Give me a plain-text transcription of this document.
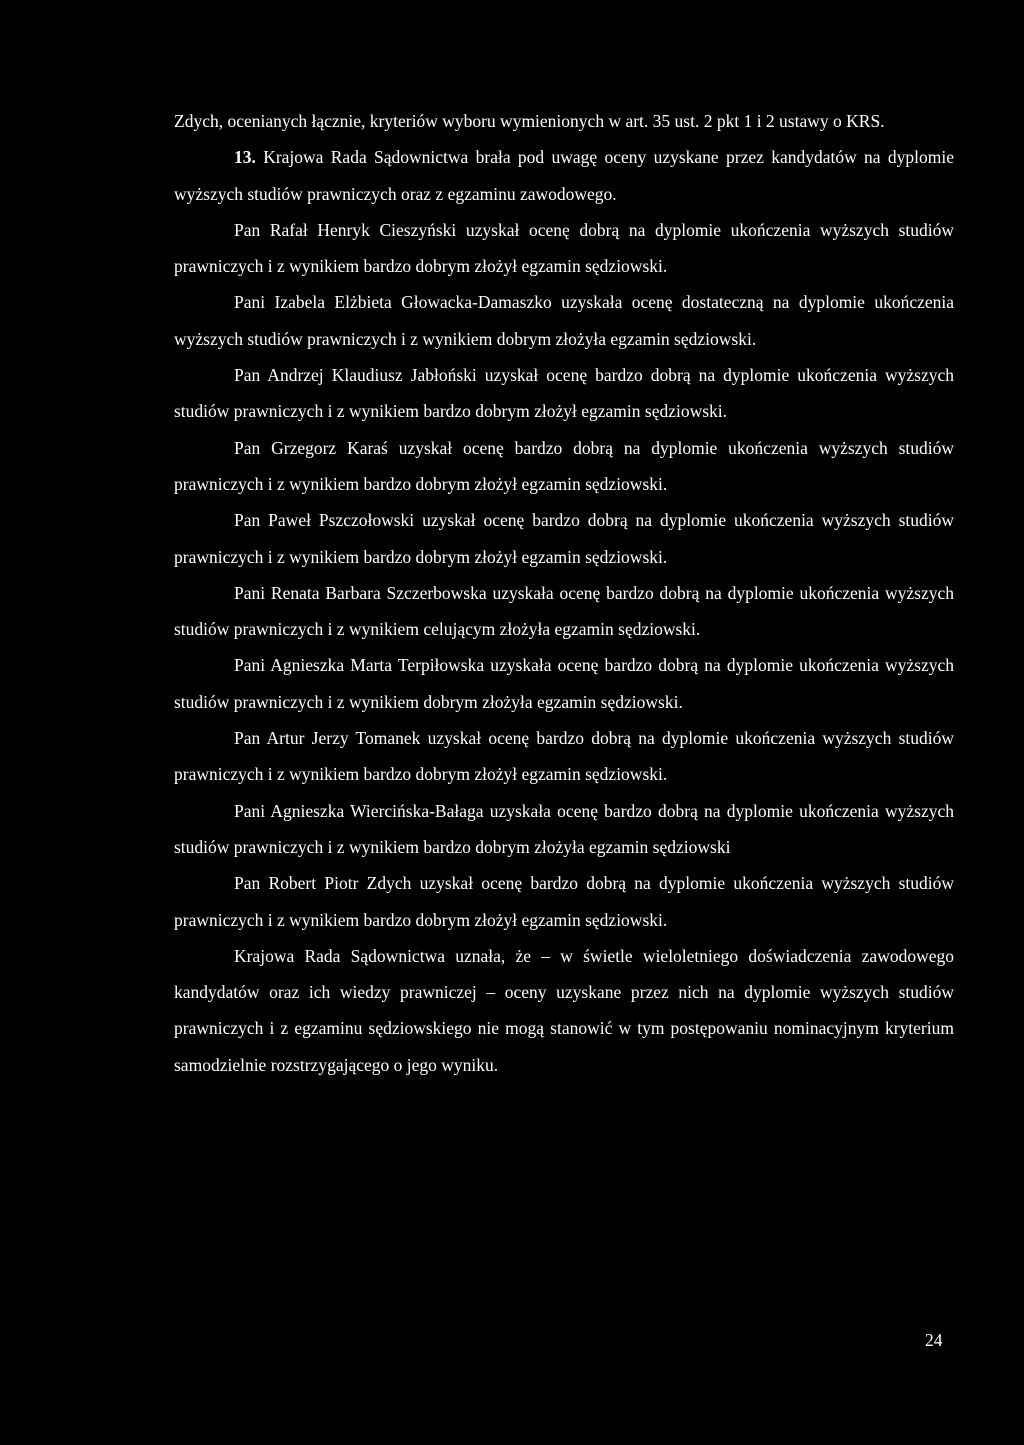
Zdych, ocenianych łącznie, kryteriów wyboru wymienionych w art. 35 ust. 2 pkt 1 i 2 ustawy o KRS.

13. Krajowa Rada Sądownictwa brała pod uwagę oceny uzyskane przez kandydatów na dyplomie wyższych studiów prawniczych oraz z egzaminu zawodowego.

Pan Rafał Henryk Cieszyński uzyskał ocenę dobrą na dyplomie ukończenia wyższych studiów prawniczych i z wynikiem bardzo dobrym złożył egzamin sędziowski.

Pani Izabela Elżbieta Głowacka-Damaszko uzyskała ocenę dostateczną na dyplomie ukończenia wyższych studiów prawniczych i z wynikiem dobrym złożyła egzamin sędziowski.

Pan Andrzej Klaudiusz Jabłoński uzyskał ocenę bardzo dobrą na dyplomie ukończenia wyższych studiów prawniczych i z wynikiem bardzo dobrym złożył egzamin sędziowski.

Pan Grzegorz Karaś uzyskał ocenę bardzo dobrą na dyplomie ukończenia wyższych studiów prawniczych i z wynikiem bardzo dobrym złożył egzamin sędziowski.

Pan Paweł Pszczołowski uzyskał ocenę bardzo dobrą na dyplomie ukończenia wyższych studiów prawniczych i z wynikiem bardzo dobrym złożył egzamin sędziowski.

Pani Renata Barbara Szczerbowska uzyskała ocenę bardzo dobrą na dyplomie ukończenia wyższych studiów prawniczych i z wynikiem celującym złożyła egzamin sędziowski.

Pani Agnieszka Marta Terpiłowska uzyskała ocenę bardzo dobrą na dyplomie ukończenia wyższych studiów prawniczych i z wynikiem dobrym złożyła egzamin sędziowski.

Pan Artur Jerzy Tomanek uzyskał ocenę bardzo dobrą na dyplomie ukończenia wyższych studiów prawniczych i z wynikiem bardzo dobrym złożył egzamin sędziowski.

Pani Agnieszka Wiercińska-Bałaga uzyskała ocenę bardzo dobrą na dyplomie ukończenia wyższych studiów prawniczych i z wynikiem bardzo dobrym złożyła egzamin sędziowski

Pan Robert Piotr Zdych uzyskał ocenę bardzo dobrą na dyplomie ukończenia wyższych studiów prawniczych i z wynikiem bardzo dobrym złożył egzamin sędziowski.

Krajowa Rada Sądownictwa uznała, że – w świetle wieloletniego doświadczenia zawodowego kandydatów oraz ich wiedzy prawniczej – oceny uzyskane przez nich na dyplomie wyższych studiów prawniczych i z egzaminu sędziowskiego nie mogą stanowić w tym postępowaniu nominacyjnym kryterium samodzielnie rozstrzygającego o jego wyniku.

24
